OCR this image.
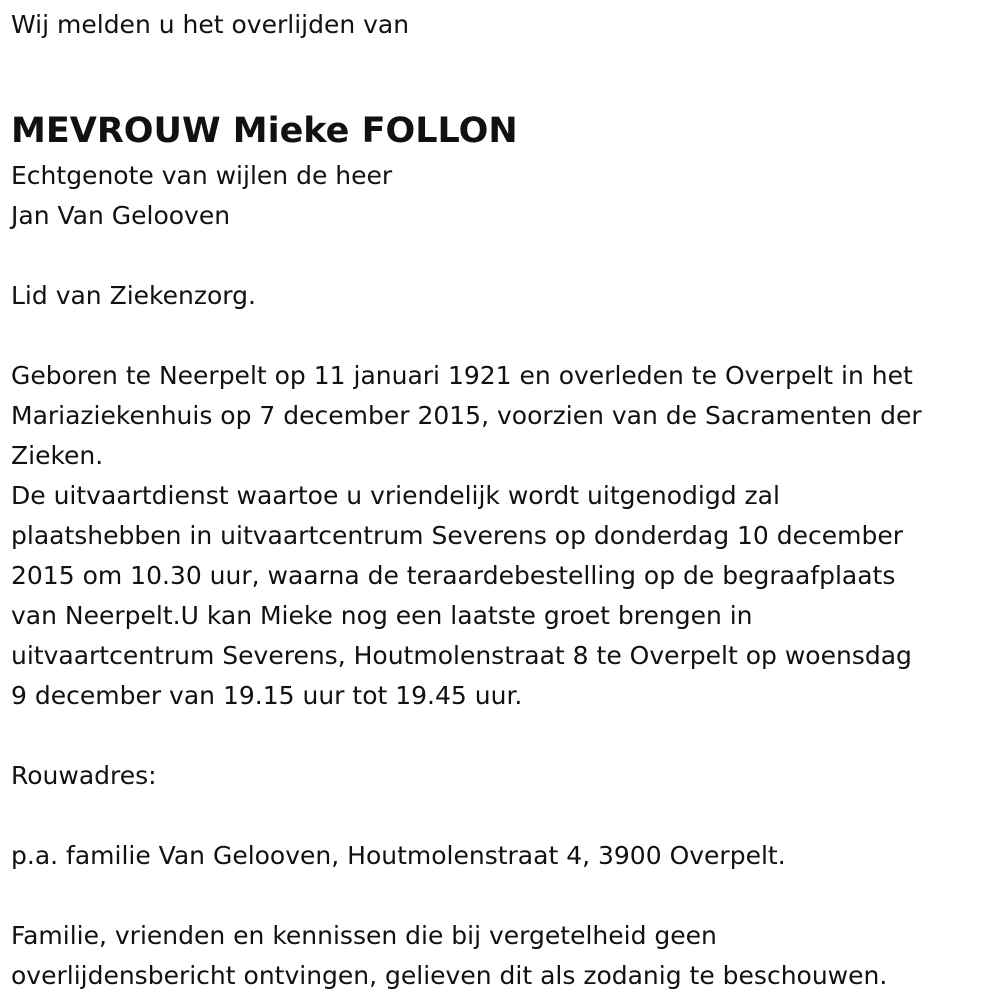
Wij melden u het overlijden van
MEVROUW Mieke FOLLON
Echtgenote van wijlen de heer
Jan Van Gelooven
Lid van Ziekenzorg.
Geboren te Neerpelt op 11 januari 1921 en overleden te Overpelt in het
Mariaziekenhuis op 7 december 2015, voorzien van de Sacramenten der
Zieken.
De uitvaartdienst waartoe u vriendelijk wordt uitgenodigd zal
plaatshebben in uitvaartcentrum Severens op donderdag 10 december
2015 om 10.30 uur, waarna de teraardebestelling op de begraafplaats
van Neerpelt.U kan Mieke nog een laatste groet brengen in
uitvaartcentrum Severens, Houtmolenstraat 8 te Overpelt op woensdag
9 december van 19.15 uur tot 19.45 uur.
Rouwadres:
p.a. familie Van Gelooven, Houtmolenstraat 4, 3900 Overpelt.
Familie, vrienden en kennissen die bij vergetelheid geen
overlijdensbericht ontvingen, gelieven dit als zodanig te beschouwen.
